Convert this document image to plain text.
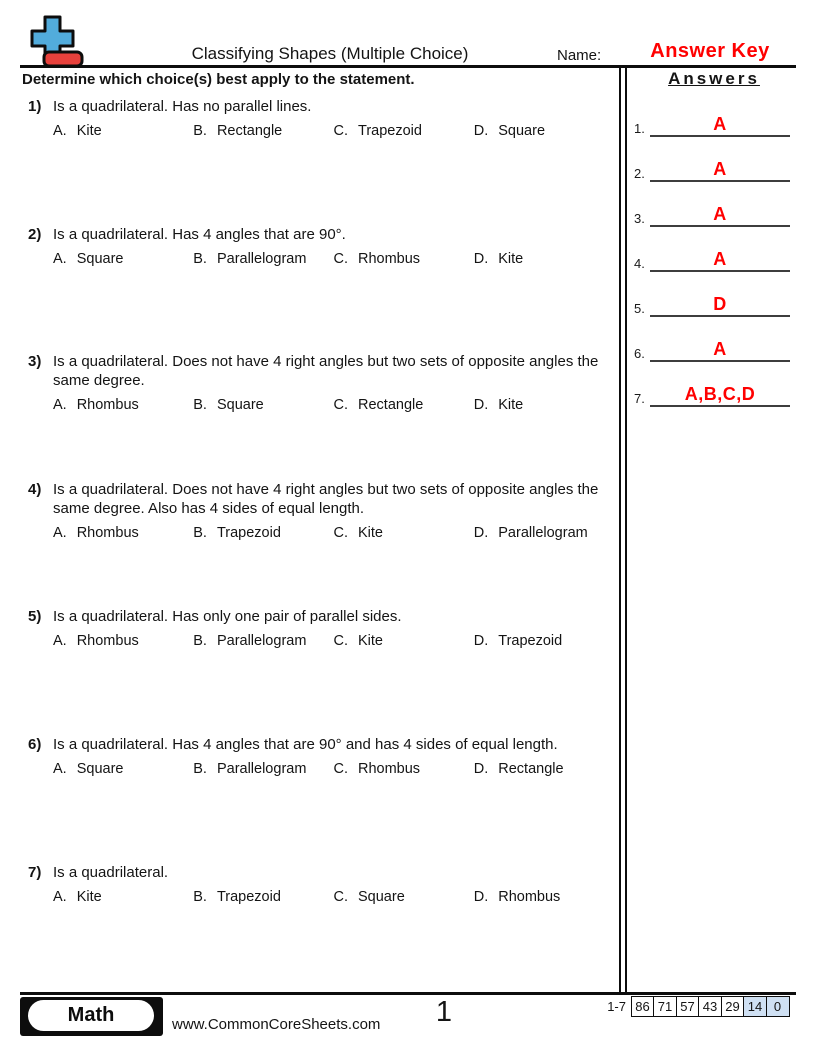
Classifying Shapes (Multiple Choice)	Name:	Answer Key
Determine which choice(s) best apply to the statement.	Answers
1.	A
2.	A
3.	A
4.	A
5.	D
6.	A
7.	A,B,C,D
1) Is a quadrilateral. Has no parallel lines.
A. Kite	B. Rectangle	C. Trapezoid	D. Square
2) Is a quadrilateral. Has 4 angles that are 90°.
A. Square	B. Parallelogram C. Rhombus	D. Kite
3) Is a quadrilateral. Does not have 4 right angles but two sets of opposite angles the same degree.
A. Rhombus	B. Square	C. Rectangle	D. Kite
4) Is a quadrilateral. Does not have 4 right angles but two sets of opposite angles the same degree. Also has 4 sides of equal length.
A. Rhombus	B. Trapezoid	C. Kite	D. Parallelogram
5) Is a quadrilateral. Has only one pair of parallel sides.
A. Rhombus	B. Parallelogram C. Kite	D. Trapezoid
6) Is a quadrilateral. Has 4 angles that are 90° and has 4 sides of equal length.
A. Square	B. Parallelogram C. Rhombus	D. Rectangle
7) Is a quadrilateral.
A. Kite	B. Trapezoid	C. Square	D. Rhombus
Math	www.CommonCoreSheets.com	1	1-7 86 71 57 43 29 14 0
